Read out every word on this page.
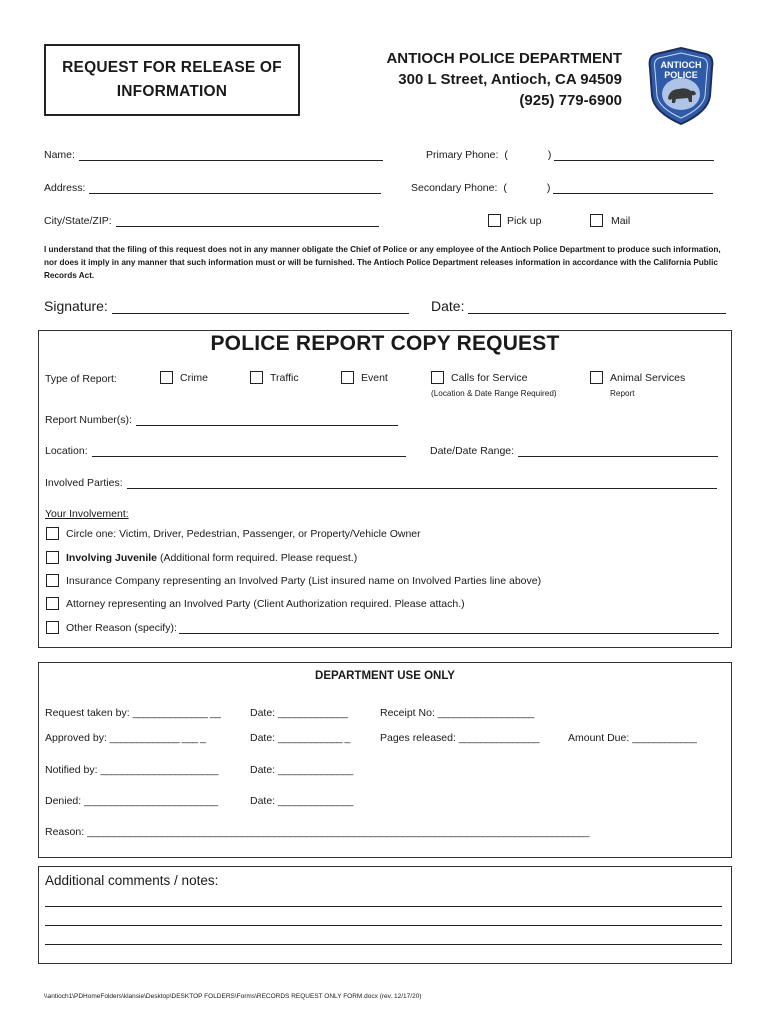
REQUEST FOR RELEASE OF
INFORMATION
ANTIOCH POLICE DEPARTMENT
300 L Street, Antioch, CA 94509
(925) 779-6900
ANTIOCH
POLICE
Name:	Primary Phone: (	)
Address:	Secondary Phone: (	)
City/State/ZIP:	Pick up	Mail
I understand that the filing of this request does not in any manner obligate the Chief of Police or any employee of the Antioch Police Department to produce such information, nor does it imply in any manner that such information must or will be furnished. The Antioch Police Department releases information in accordance with the California Public Records Act.
Signature:	Date:
POLICE REPORT COPY REQUEST
Type of Report:	Crime	Traffic	Event	Calls for Service
(Location & Date Range Required)
Animal Services
Report
Report Number(s):
Location:	Date/Date Range:
Involved Parties:
Your Involvement:
Circle one: Victim, Driver, Pedestrian, Passenger, or Property/Vehicle Owner
Involving Juvenile (Additional form required. Please request.)
Insurance Company representing an Involved Party (List insured name on Involved Parties line above)
Attorney representing an Involved Party (Client Authorization required. Please attach.)
Other Reason (specify):
DEPARTMENT USE ONLY
Request taken by: ______________ __	Date: _____________	Receipt No: __________________
Approved by: _____________ ___ _	Date: ____________ _	Pages released: _______________	Amount Due: ____________
Notified by: ______________________	Date: ______________
Denied: _________________________	Date: ______________
Reason: ______________________________________________________________________________________________
Additional comments / notes:
\\antioch1\PDHomeFolders\klansie\Desktop\DESKTOP FOLDERS\Forms\RECORDS REQUEST ONLY FORM.docx (rev. 12/17/20)
